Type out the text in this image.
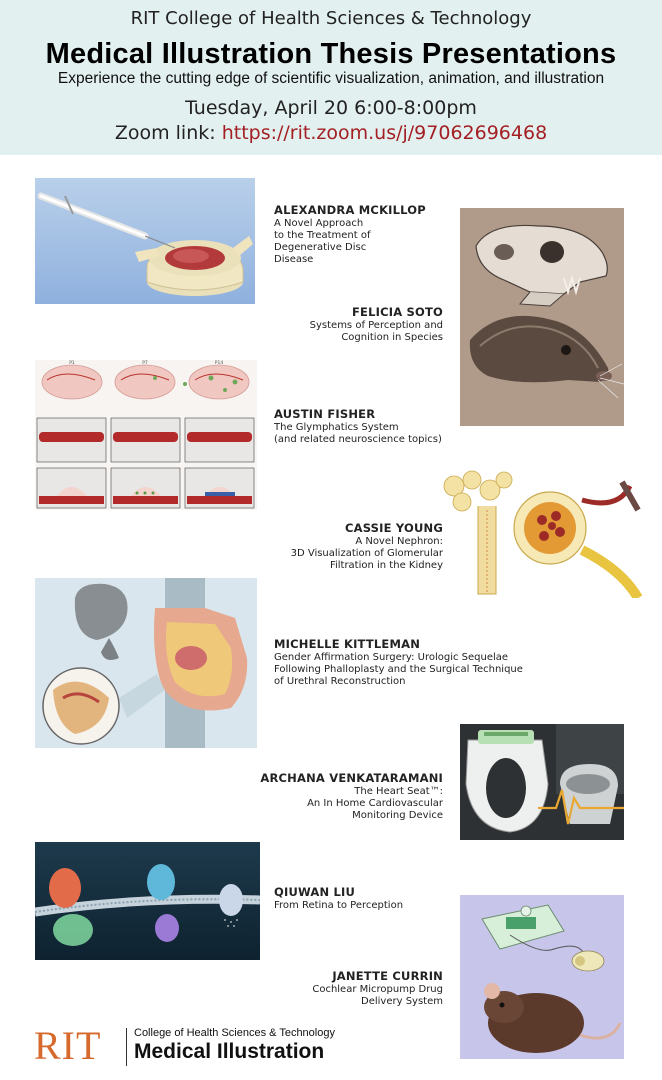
RIT College of Health Sciences & Technology
Medical Illustration Thesis Presentations
Experience the cutting edge of scientific visualization, animation, and illustration
Tuesday, April 20 6:00-8:00pm
Zoom link: https://rit.zoom.us/j/97062696468
ALEXANDRA MCKILLOP
A Novel Approach
to the Treatment of
Degenerative Disc
Disease
FELICIA SOTO
Systems of Perception and
Cognition in Species
P1	P7	P14
AUSTIN FISHER
The Glymphatics System
(and related neuroscience topics)
CASSIE YOUNG
A Novel Nephron:
3D Visualization of Glomerular
Filtration in the Kidney
MICHELLE KITTLEMAN
Gender Affirmation Surgery: Urologic Sequelae
Following Phalloplasty and the Surgical Technique
of Urethral Reconstruction
ARCHANA VENKATARAMANI
The Heart Seat™:
An In Home Cardiovascular
Monitoring Device
QIUWAN LIU
From Retina to Perception
JANETTE CURRIN
Cochlear Micropump Drug
Delivery System
RIT	College of Health Sciences & Technology
Medical Illustration
